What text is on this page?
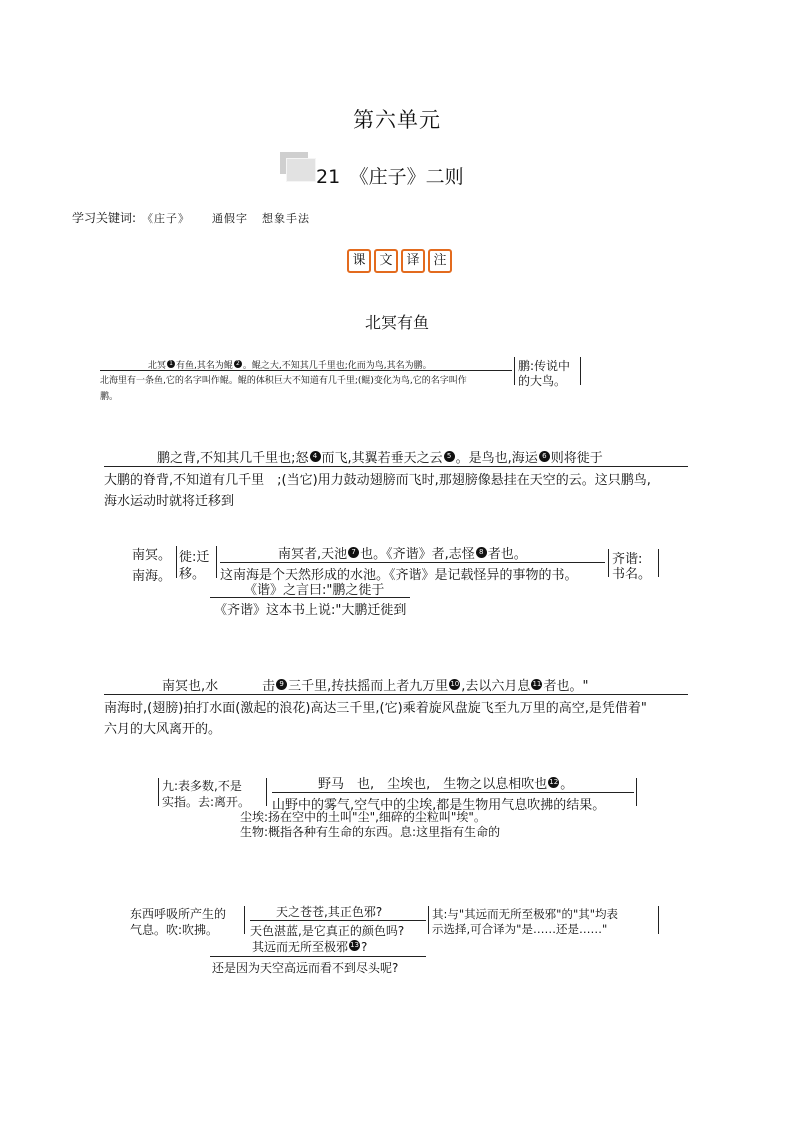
第六单元
21　《庄子》二则
学习关键词: 《庄子》 通假字 想象手法
课	文	译	注
北冥有鱼
北冥 1 有鱼,其名为鲲 2 。鲲之大,不知其几千里也;化而为鸟,其名为鹏。
北海里有一条鱼,它的名字叫作鲲。鲲的体积巨大不知道有几千里;(鲲)变化为鸟,它的名字叫作
鹏。
鹏:传说中
的大鸟。
鹏之背,不知其几千里也;怒 4 而飞,其翼若垂天之云 5 。是鸟也,海运 6 则将徙于
大鹏的脊背,不知道有几千里　;(当它)用力鼓动翅膀而飞时,那翅膀像悬挂在天空的云。这只鹏鸟,
海水运动时就将迁移到
南冥。
南海。
徙:迁
移。
南冥者,天池 7 也。《齐谐》者,志怪 8 者也。
这南海是个天然形成的水池。《齐谐》是记载怪异的事物的书。
齐谐:
书名。
《谐》之言曰:"鹏之徙于
《齐谐》这本书上说:"大鹏迁徙到
南冥也,水	击 9 三千里,抟扶摇而上者九万里 10 ,去以六月息 11 者也。"
南海时,(翅膀)拍打水面(激起的浪花)高达三千里,(它)乘着旋风盘旋飞至九万里的高空,是凭借着"
六月的大风离开的。
九:表多数,不是
实指。去:离开。
野马　也,　尘埃也,　生物之以息相吹也 12 。
山野中的雾气,空气中的尘埃,都是生物用气息吹拂的结果。
尘埃:扬在空中的土叫"尘",细碎的尘粒叫"埃"。
生物:概指各种有生命的东西。息:这里指有生命的
东西呼吸所产生的
气息。吹:吹拂。
天之苍苍,其正色邪?
天色湛蓝,是它真正的颜色吗?
其:与"其远而无所至极邪"的"其"均表
示选择,可合译为"是……还是……"
其远而无所至极邪 13 ?
还是因为天空高远而看不到尽头呢?
